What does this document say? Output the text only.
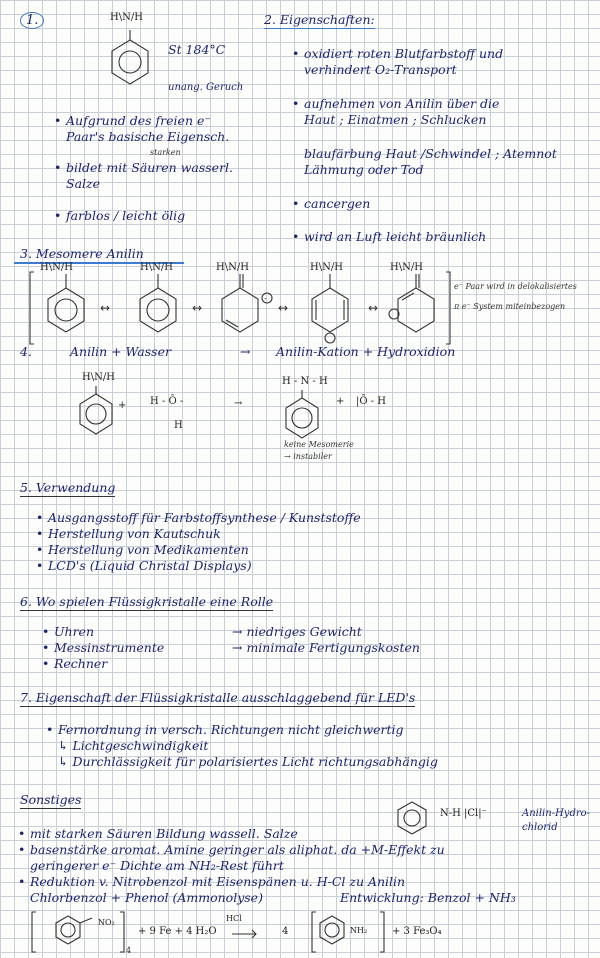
1.	H\N/H
St 184°C
unang. Geruch
• Aufgrund des freien e⁻
Paar's basische Eigensch.
starken
• bildet mit Säuren wasserl.
Salze
• farblos / leicht ölig
2. Eigenschaften:
• oxidiert roten Blutfarbstoff und
verhindert O₂-Transport
• aufnehmen von Anilin über die
Haut ; Einatmen ; Schlucken
blaufärbung Haut /Schwindel ; Atemnot
Lähmung oder Tod
• cancergen
• wird an Luft leicht bräunlich
3. Mesomere Anilin
H\N/H	H\N/H	H\N/H	H\N/H	H\N/H
↔	↔
-
↔	↔
e⁻ Paar wird in delokalisiertes
π e⁻ System miteinbezogen
4.	Anilin + Wasser	→ Anilin-Kation + Hydroxidion
H\N/H
+ H - Ō -
H
→
H - N - H
+ |Ō - H
keine Mesomerie
→ instabiler
5. Verwendung
• Ausgangsstoff für Farbstoffsynthese / Kunststoffe
• Herstellung von Kautschuk
• Herstellung von Medikamenten
• LCD's (Liquid Christal Displays)
6. Wo spielen Flüssigkristalle eine Rolle
• Uhren
• Messinstrumente
• Rechner
→ niedriges Gewicht
→ minimale Fertigungskosten
7. Eigenschaft der Flüssigkristalle ausschlaggebend für LED's
• Fernordnung in versch. Richtungen nicht gleichwertig
↳ Lichtgeschwindigkeit
↳ Durchlässigkeit für polarisiertes Licht richtungsabhängig
Sonstiges
N-H |Cl|⁻	Anilin-Hydro-
chlorid
• mit starken Säuren Bildung wassell. Salze
• basenstärke aromat. Amine geringer als aliphat. da +M-Effekt zu
geringerer e⁻ Dichte am NH₂-Rest führt
• Reduktion v. Nitrobenzol mit Eisenspänen u. H-Cl zu Anilin
Chlorbenzol + Phenol (Ammonolyse)	Entwicklung: Benzol + NH₃
NO₂
4
+ 9 Fe + 4 H₂O
HCl
4	NH₂ + 3 Fe₃O₄
